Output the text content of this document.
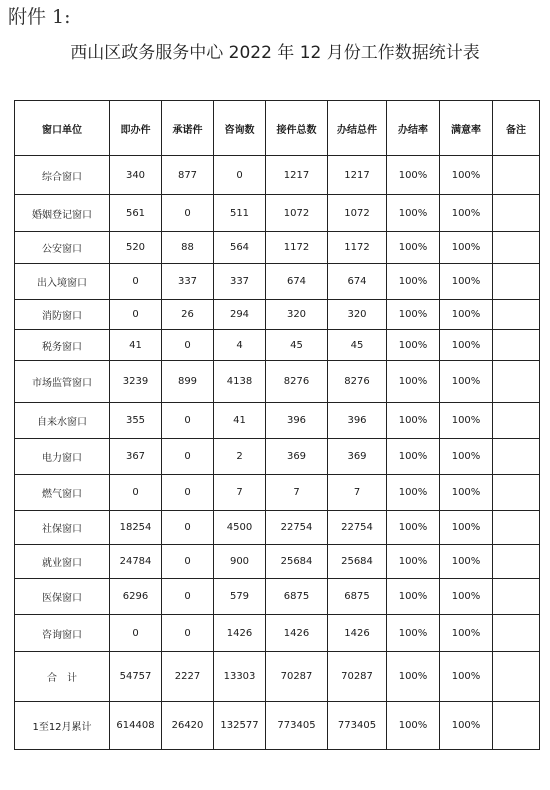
附件 1:
西山区政务服务中心 2022 年 12 月份工作数据统计表
窗口单位	即办件	承诺件	咨询数	接件总数	办结总件	办结率	满意率	备注
综合窗口	340	877	0	1217	1217	100%	100%	
婚姻登记窗口	561	0	511	1072	1072	100%	100%	
公安窗口	520	88	564	1172	1172	100%	100%	
出入境窗口	0	337	337	674	674	100%	100%	
消防窗口	0	26	294	320	320	100%	100%	
税务窗口	41	0	4	45	45	100%	100%	
市场监管窗口	3239	899	4138	8276	8276	100%	100%	
自来水窗口	355	0	41	396	396	100%	100%	
电力窗口	367	0	2	369	369	100%	100%	
燃气窗口	0	0	7	7	7	100%	100%	
社保窗口	18254	0	4500	22754	22754	100%	100%	
就业窗口	24784	0	900	25684	25684	100%	100%	
医保窗口	6296	0	579	6875	6875	100%	100%	
咨询窗口	0	0	1426	1426	1426	100%	100%	
合　计	54757	2227	13303	70287	70287	100%	100%	
1至12月累计	614408	26420	132577	773405	773405	100%	100%	
